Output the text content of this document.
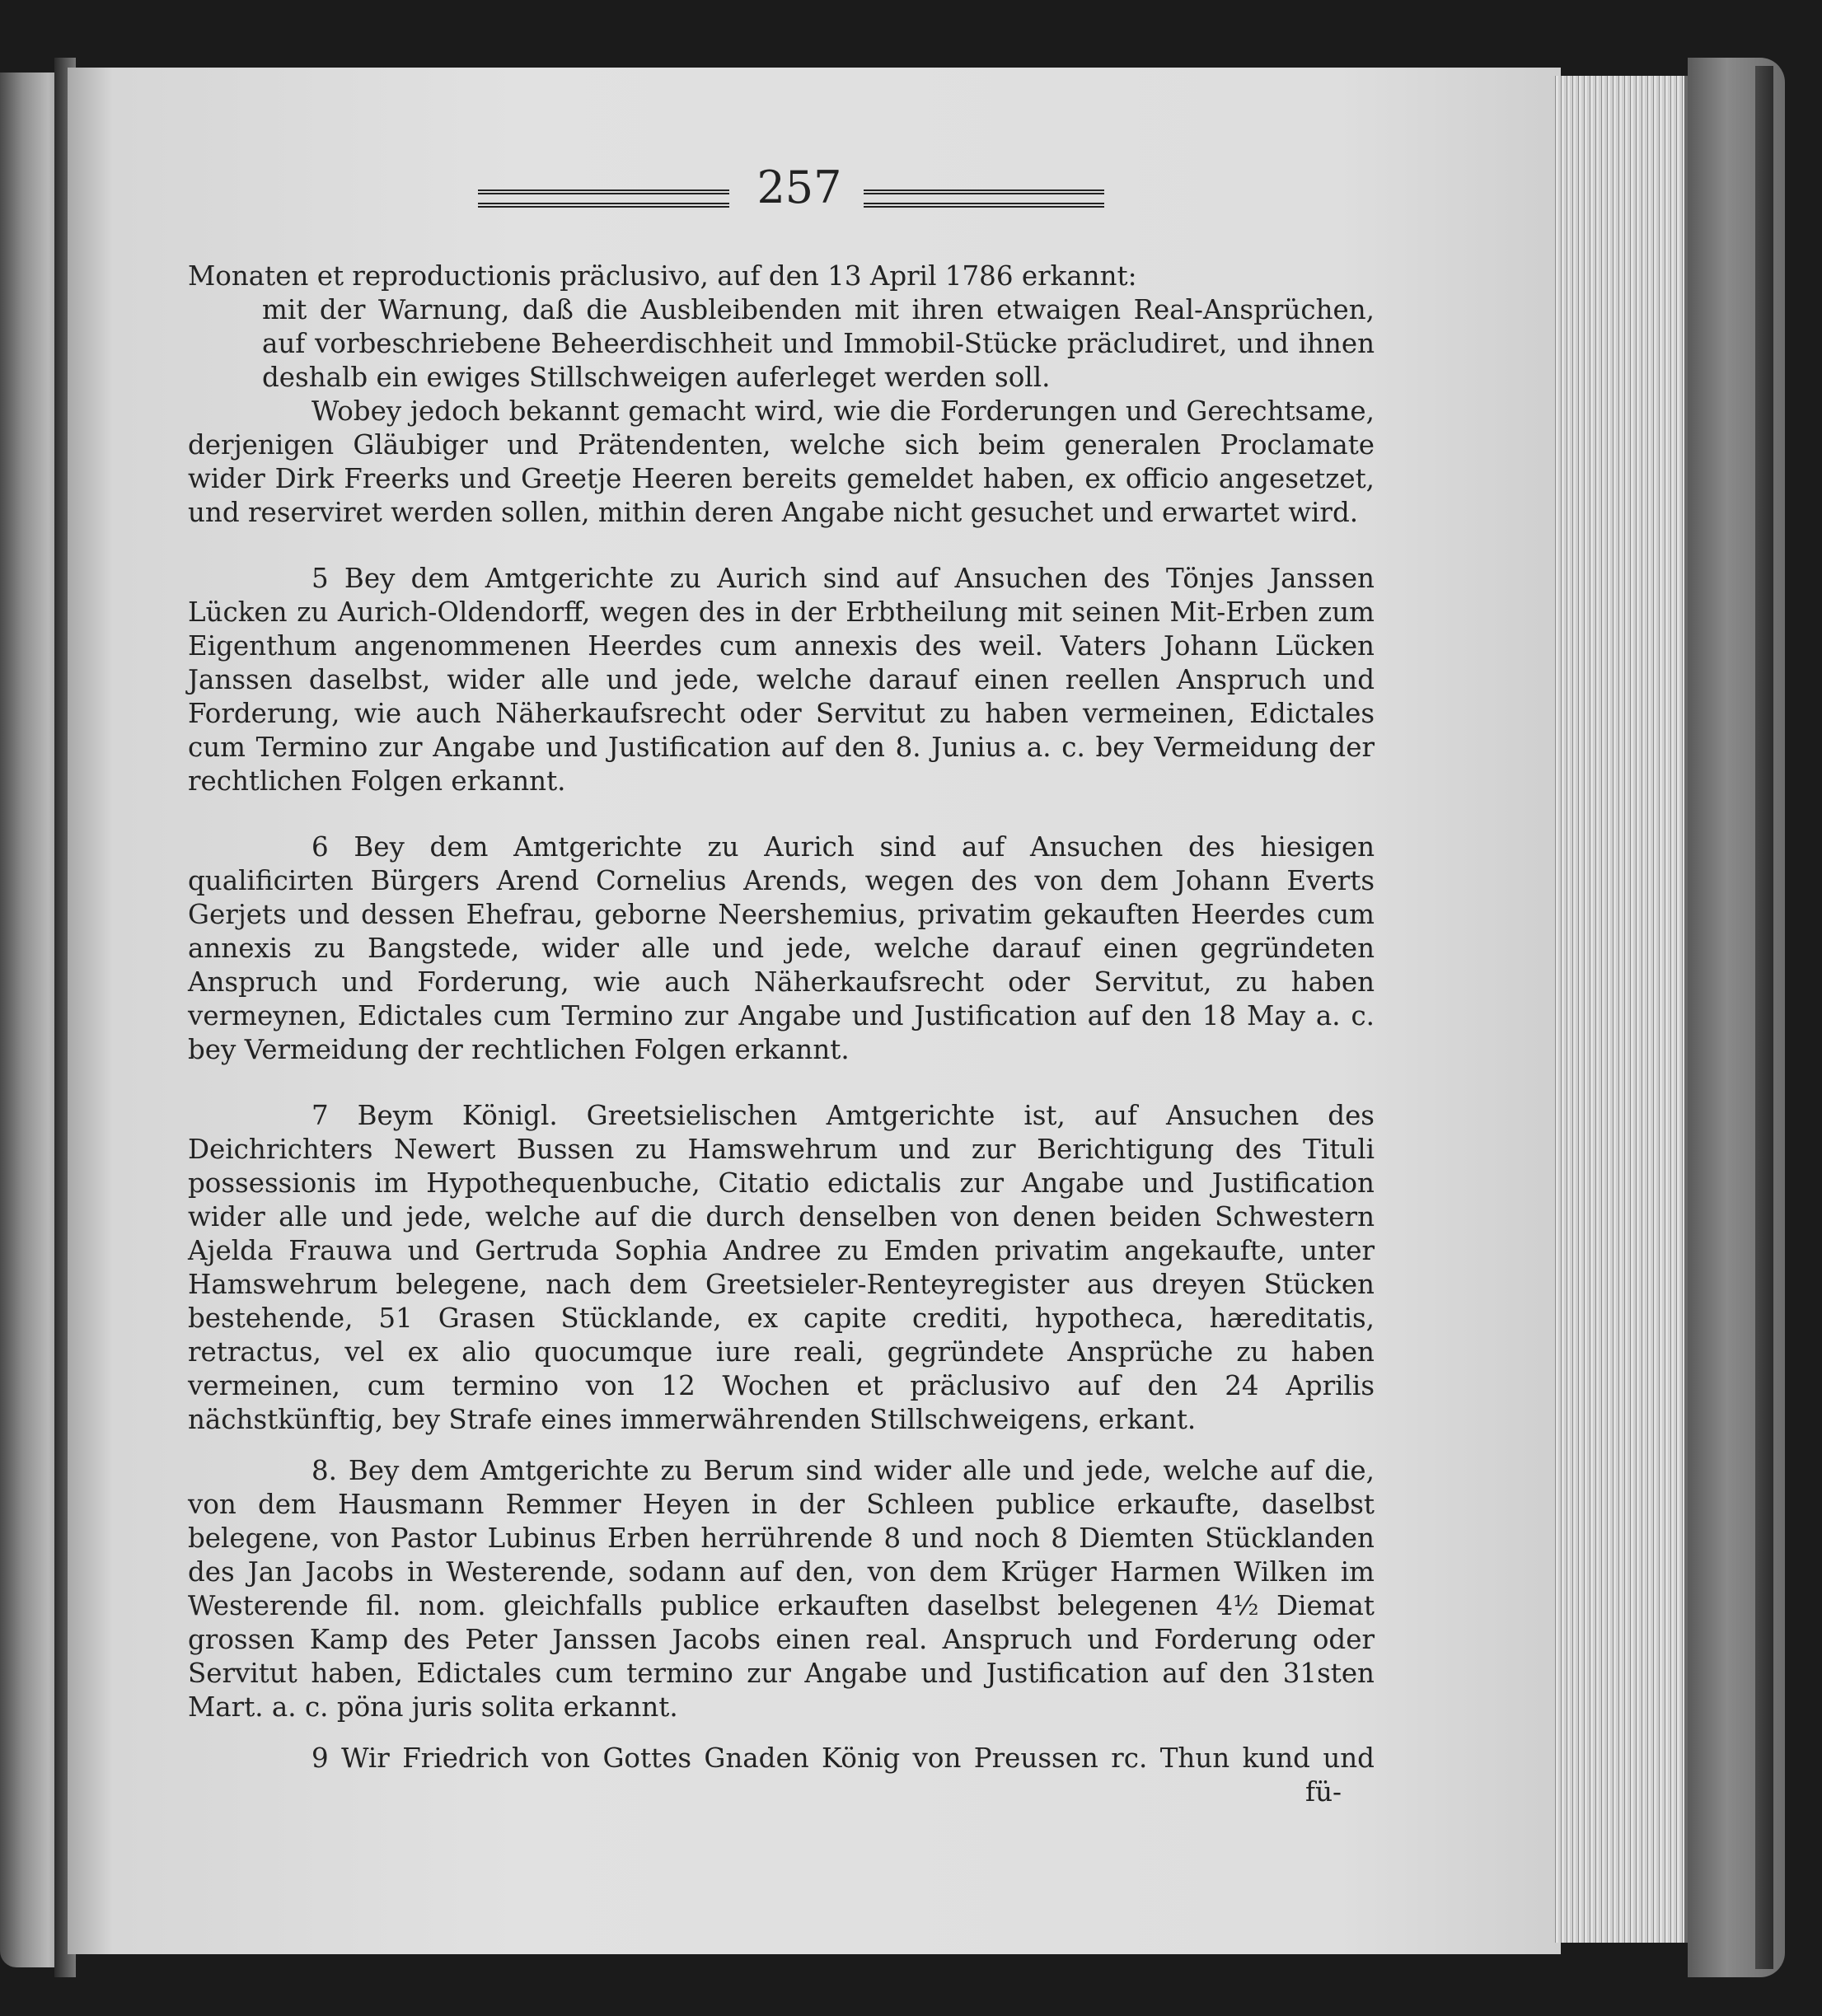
257

Monaten et reproductionis präclusivo, auf den 13 April 1786 erkannt:

mit der Warnung, daß die Ausbleibenden mit ihren etwaigen Real-Ansprüchen, auf vorbeschriebene Beheerdischheit und Immobil-Stücke präcludiret, und ihnen deshalb ein ewiges Stillschweigen auferleget werden soll.

Wobey jedoch bekannt gemacht wird, wie die Forderungen und Gerechtsame, derjenigen Gläubiger und Prätendenten, welche sich beim generalen Proclamate wider Dirk Freerks und Greetje Heeren bereits gemeldet haben, ex officio angesetzet, und reserviret werden sollen, mithin deren Angabe nicht gesuchet und erwartet wird.

5 Bey dem Amtgerichte zu Aurich sind auf Ansuchen des Tönjes Janssen Lücken zu Aurich-Oldendorff, wegen des in der Erbtheilung mit seinen Mit-Erben zum Eigenthum angenommenen Heerdes cum annexis des weil. Vaters Johann Lücken Janssen daselbst, wider alle und jede, welche darauf einen reellen Anspruch und Forderung, wie auch Näherkaufsrecht oder Servitut zu haben vermeinen, Edictales cum Termino zur Angabe und Justification auf den 8. Junius a. c. bey Vermeidung der rechtlichen Folgen erkannt.

6 Bey dem Amtgerichte zu Aurich sind auf Ansuchen des hiesigen qualificirten Bürgers Arend Cornelius Arends, wegen des von dem Johann Everts Gerjets und dessen Ehefrau, geborne Neershemius, privatim gekauften Heerdes cum annexis zu Bangstede, wider alle und jede, welche darauf einen gegründeten Anspruch und Forderung, wie auch Näherkaufsrecht oder Servitut, zu haben vermeynen, Edictales cum Termino zur Angabe und Justification auf den 18 May a. c. bey Vermeidung der rechtlichen Folgen erkannt.

7 Beym Königl. Greetsielischen Amtgerichte ist, auf Ansuchen des Deichrichters Newert Bussen zu Hamswehrum und zur Berichtigung des Tituli possessionis im Hypothequenbuche, Citatio edictalis zur Angabe und Justification wider alle und jede, welche auf die durch denselben von denen beiden Schwestern Ajelda Frauwa und Gertruda Sophia Andree zu Emden privatim angekaufte, unter Hamswehrum belegene, nach dem Greetsieler-Renteyregister aus dreyen Stücken bestehende, 51 Grasen Stücklande, ex capite crediti, hypotheca, hæreditatis, retractus, vel ex alio quocumque iure reali, gegründete Ansprüche zu haben vermeinen, cum termino von 12 Wochen et präclusivo auf den 24 Aprilis nächstkünftig, bey Strafe eines immerwährenden Stillschweigens, erkant.

8. Bey dem Amtgerichte zu Berum sind wider alle und jede, welche auf die, von dem Hausmann Remmer Heyen in der Schleen publice erkaufte, daselbst belegene, von Pastor Lubinus Erben herrührende 8 und noch 8 Diemten Stücklanden des Jan Jacobs in Westerende, sodann auf den, von dem Krüger Harmen Wilken im Westerende fil. nom. gleichfalls publice erkauften daselbst belegenen 4½ Diemat grossen Kamp des Peter Janssen Jacobs einen real. Anspruch und Forderung oder Servitut haben, Edictales cum termino zur Angabe und Justification auf den 31sten Mart. a. c. pöna juris solita erkannt.

9 Wir Friedrich von Gottes Gnaden König von Preussen rc. Thun kund und

fü-
